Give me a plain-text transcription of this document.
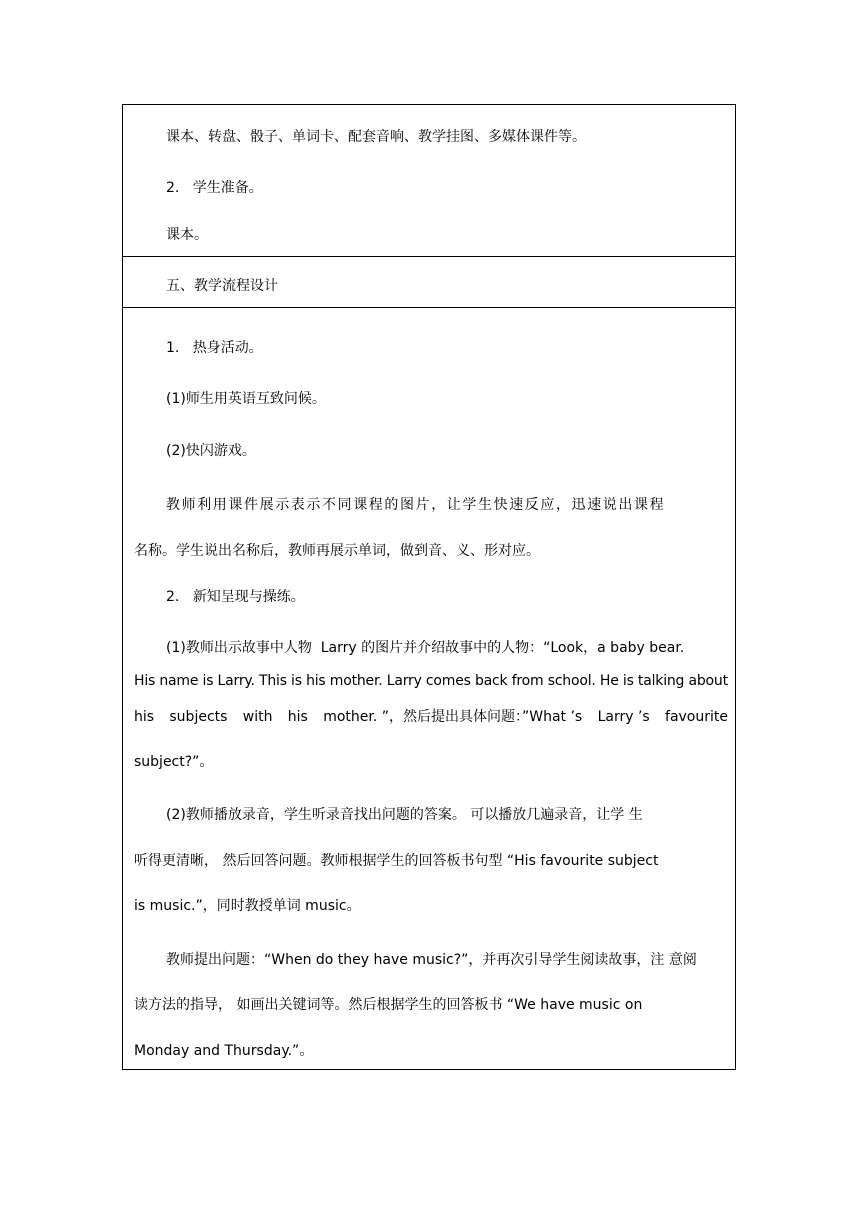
课本、转盘、骰子、单词卡、配套音响、教学挂图、多媒体课件等。
2.   学生准备。
课本。
五、教学流程设计
1.   热身活动。
(1)师生用英语互致问候。
(2)快闪游戏。
教师利用课件展示表示不同课程的图片，让学生快速反应，迅速说出课程
名称。学生说出名称后，教师再展示单词，做到音、义、形对应。
2.   新知呈现与操练。
(1)教师出示故事中人物  Larry 的图片并介绍故事中的人物：“Look，a baby bear.
His name is Larry. This is his mother. Larry comes back from school. He is talking about
his subjects with his mother. ”，然后提出具体问题：”What ’s Larry ’s favourite
subject?”。
(2)教师播放录音，学生听录音找出问题的答案。 可以播放几遍录音，让学 生
听得更清晰， 然后回答问题。教师根据学生的回答板书句型 “His favourite subject
is music.”，同时教授单词 music。
教师提出问题：“When do they have music?”，并再次引导学生阅读故事，注 意阅
读方法的指导， 如画出关键词等。然后根据学生的回答板书 “We have music on
Monday and Thursday.”。
